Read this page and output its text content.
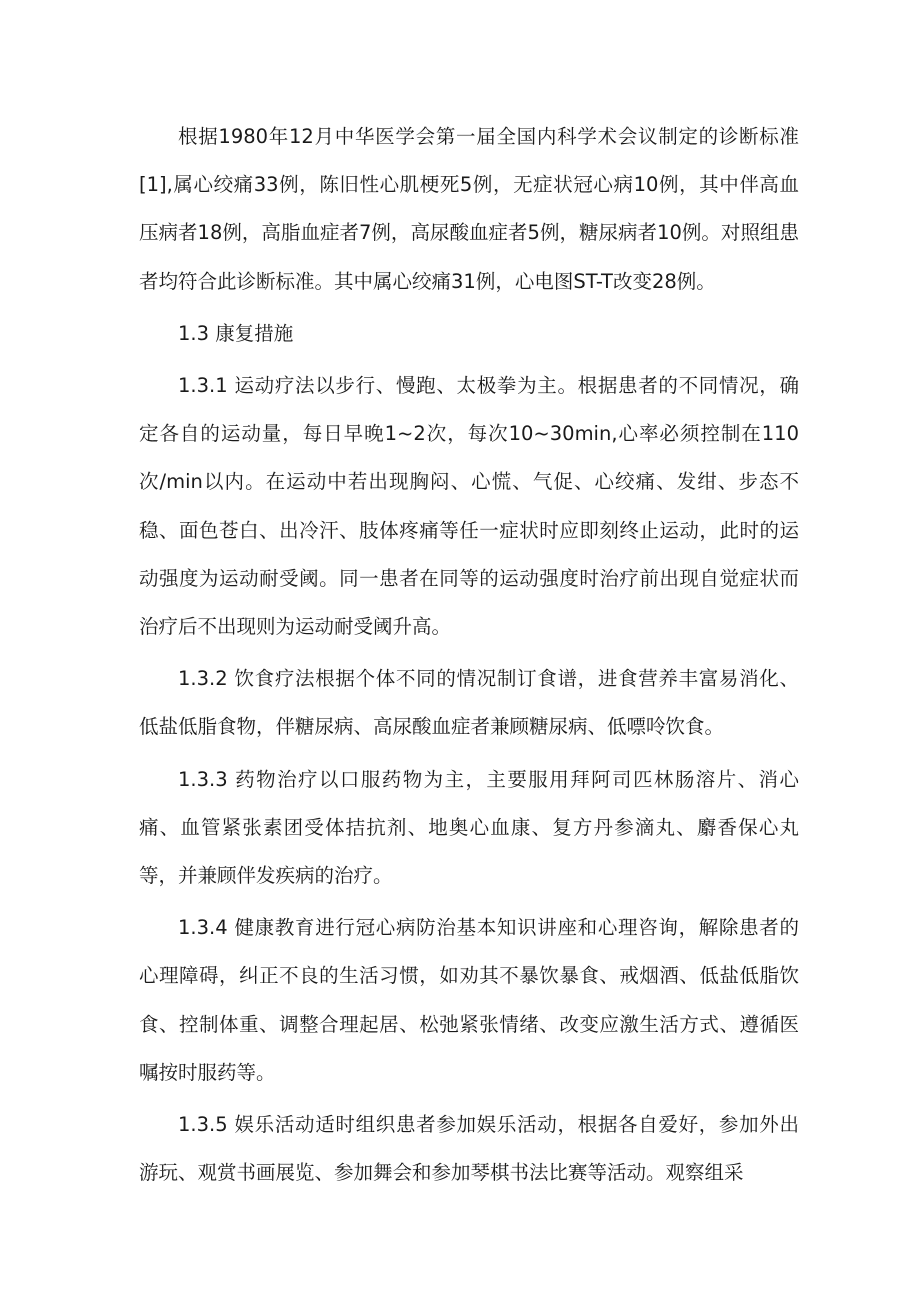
根据1980年12月中华医学会第一届全国内科学术会议制定的诊断标准[1],属心绞痛33例，陈旧性心肌梗死5例，无症状冠心病10例，其中伴高血压病者18例，高脂血症者7例，高尿酸血症者5例，糖尿病者10例。对照组患者均符合此诊断标准。其中属心绞痛31例，心电图ST-T改变28例。

1.3 康复措施

1.3.1 运动疗法以步行、慢跑、太极拳为主。根据患者的不同情况，确定各自的运动量，每日早晚1~2次，每次10~30min,心率必须控制在110次/min以内。在运动中若出现胸闷、心慌、气促、心绞痛、发绀、步态不稳、面色苍白、出冷汗、肢体疼痛等任一症状时应即刻终止运动，此时的运动强度为运动耐受阈。同一患者在同等的运动强度时治疗前出现自觉症状而治疗后不出现则为运动耐受阈升高。

1.3.2 饮食疗法根据个体不同的情况制订食谱，进食营养丰富易消化、低盐低脂食物，伴糖尿病、高尿酸血症者兼顾糖尿病、低嘌呤饮食。

1.3.3 药物治疗以口服药物为主，主要服用拜阿司匹林肠溶片、消心痛、血管紧张素团受体拮抗剂、地奥心血康、复方丹参滴丸、麝香保心丸等，并兼顾伴发疾病的治疗。

1.3.4 健康教育进行冠心病防治基本知识讲座和心理咨询，解除患者的心理障碍，纠正不良的生活习惯，如劝其不暴饮暴食、戒烟酒、低盐低脂饮食、控制体重、调整合理起居、松弛紧张情绪、改变应激生活方式、遵循医嘱按时服药等。

1.3.5 娱乐活动适时组织患者参加娱乐活动，根据各自爱好，参加外出游玩、观赏书画展览、参加舞会和参加琴棋书法比赛等活动。观察组采
